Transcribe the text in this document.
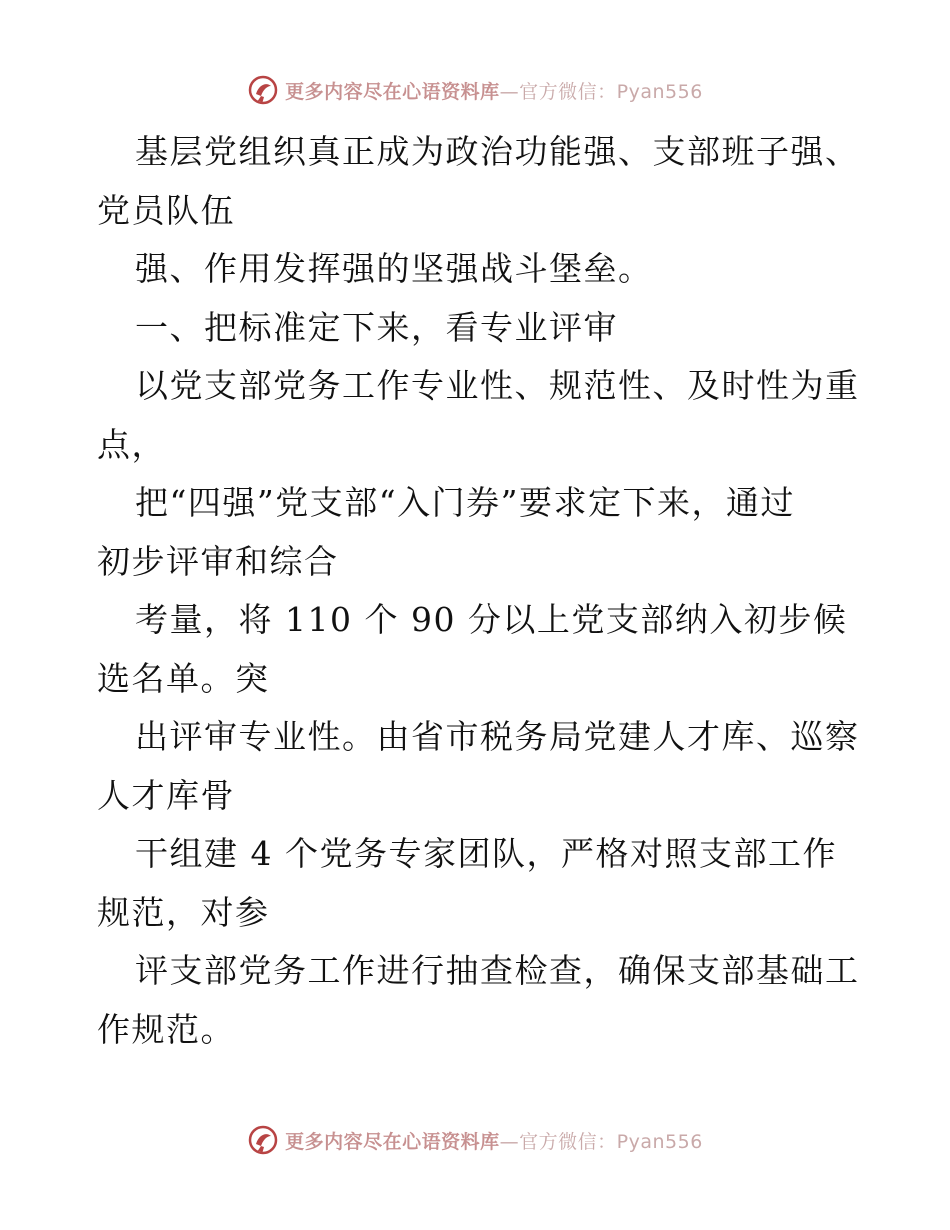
更多内容尽在心语资料库—官方微信：Pyan556
基层党组织真正成为政治功能强、支部班子强、
党员队伍
强、作用发挥强的坚强战斗堡垒。
一、把标准定下来，看专业评审
以党支部党务工作专业性、规范性、及时性为重
点，
把“四强”党支部“入门券”要求定下来，通过
初步评审和综合
考量，将 110 个 90 分以上党支部纳入初步候
选名单。突
出评审专业性。由省市税务局党建人才库、巡察
人才库骨
干组建 4 个党务专家团队，严格对照支部工作
规范，对参
评支部党务工作进行抽查检查，确保支部基础工
作规范。
更多内容尽在心语资料库—官方微信：Pyan556
